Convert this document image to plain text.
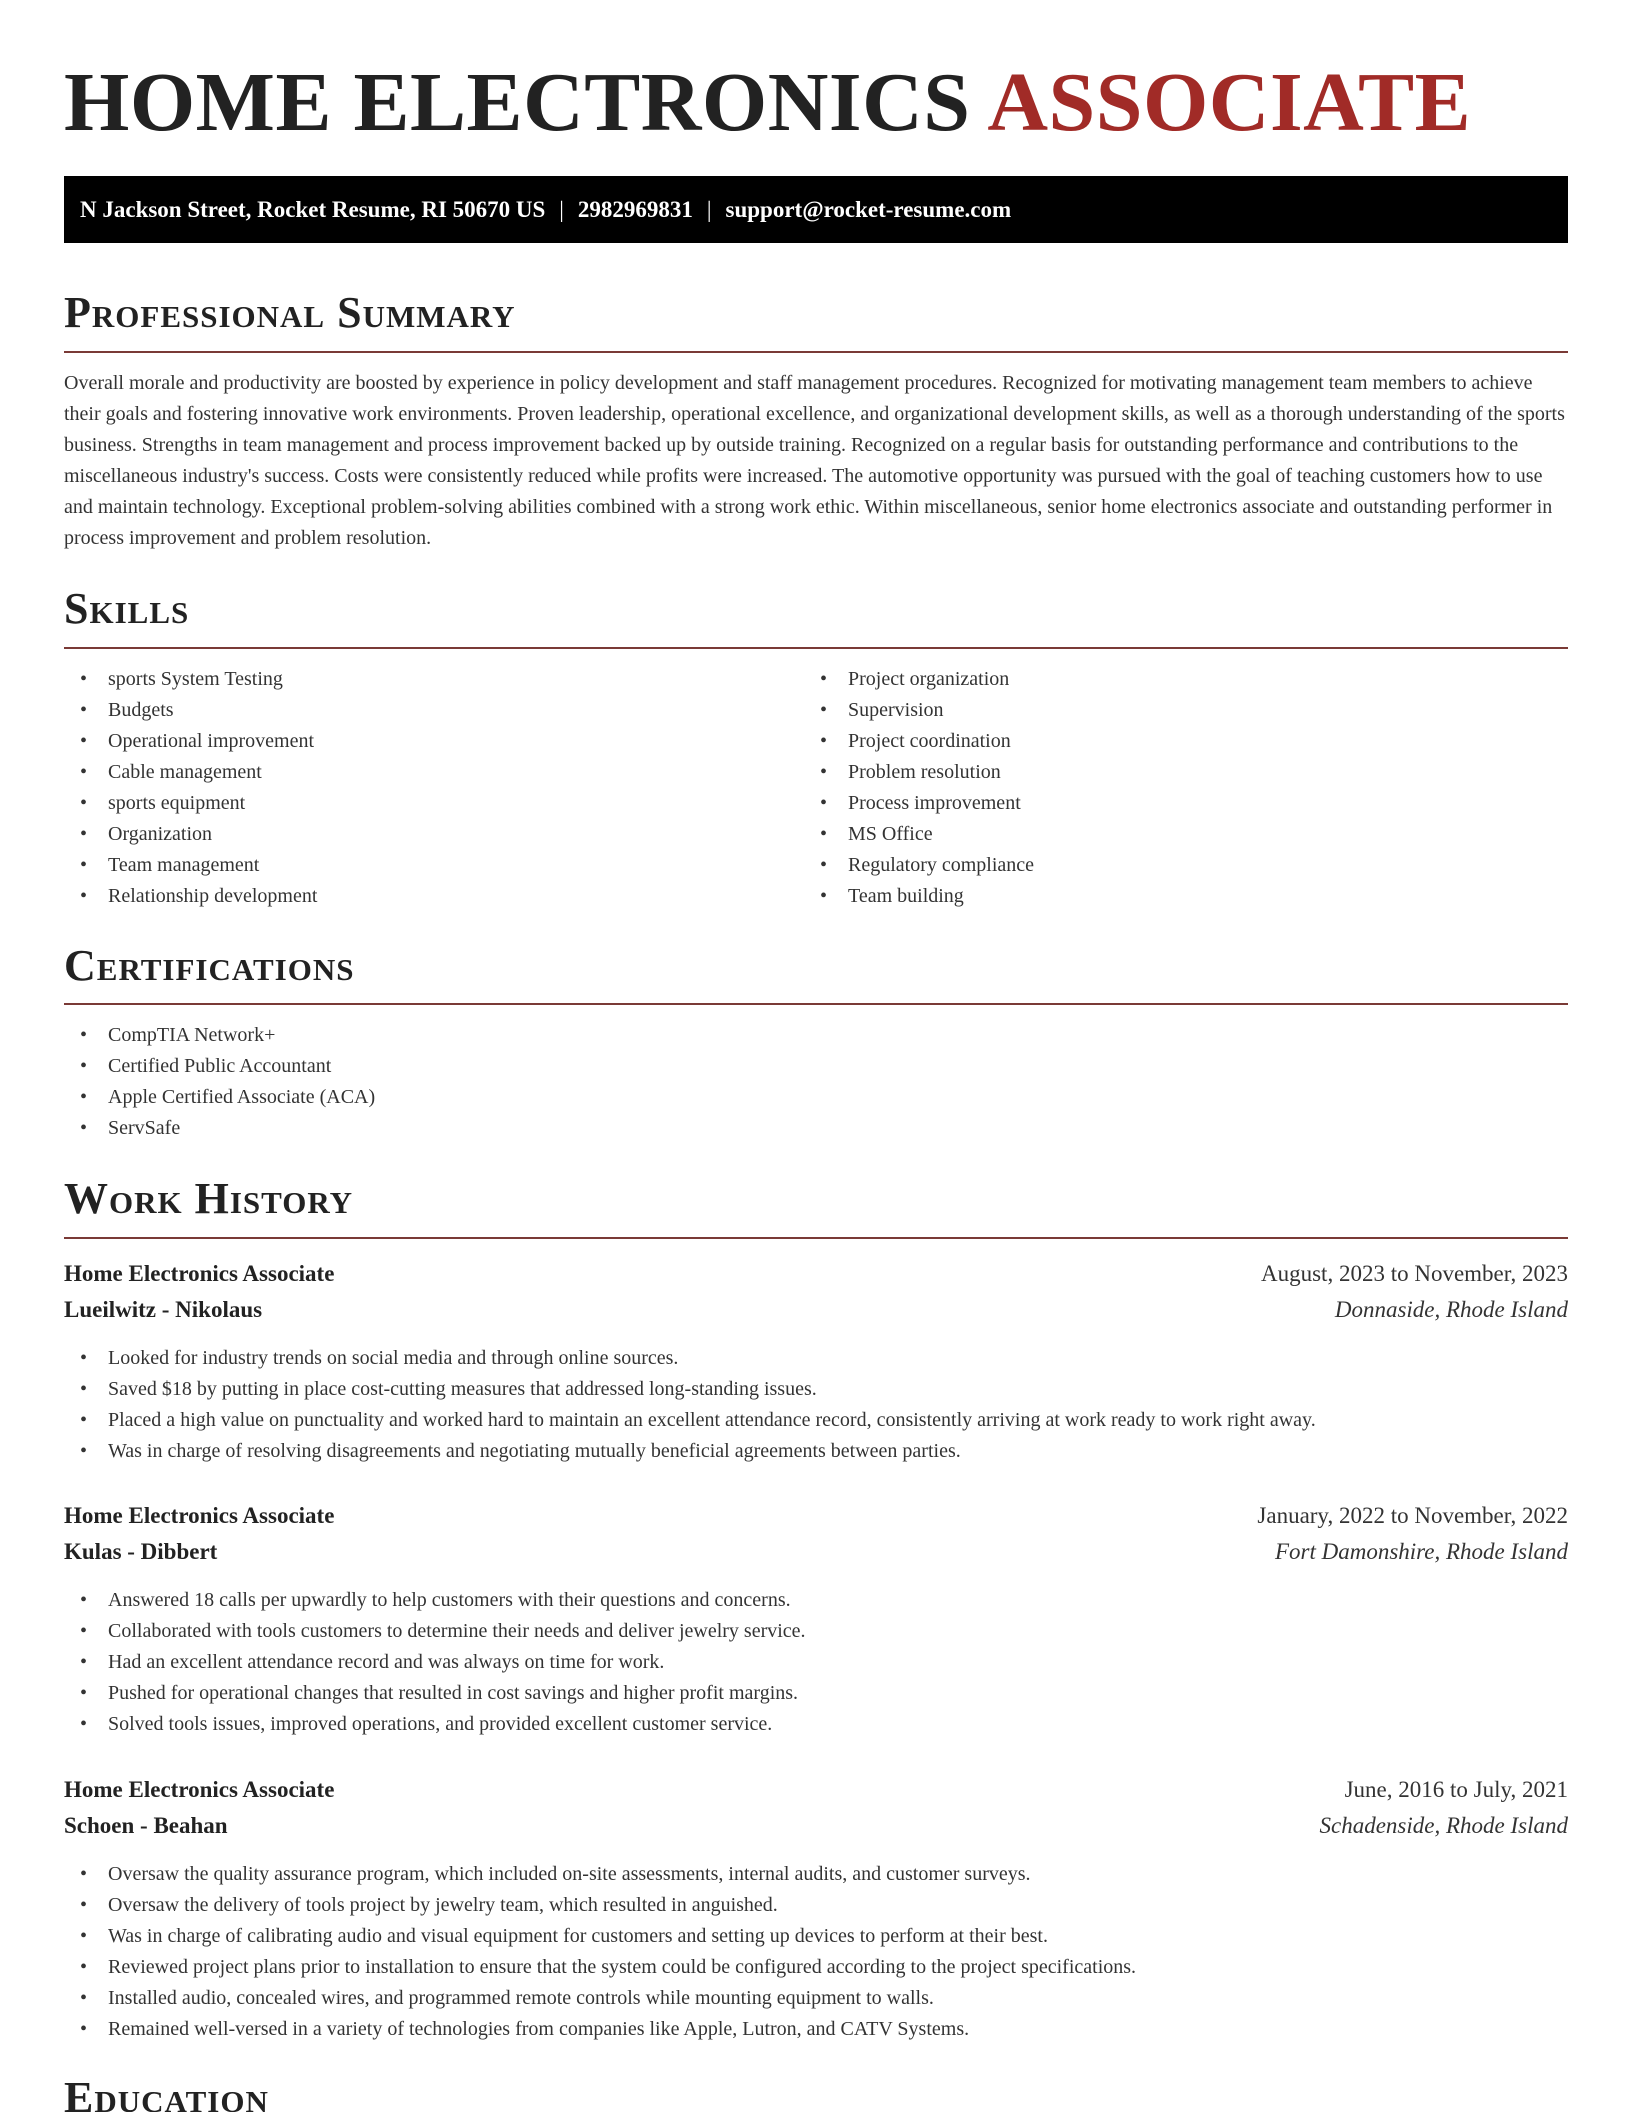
HOME ELECTRONICS ASSOCIATE
N Jackson Street, Rocket Resume, RI 50670 US | 2982969831 | support@rocket-resume.com
Professional Summary

Overall morale and productivity are boosted by experience in policy development and staff management procedures. Recognized for motivating management team members to achieve their goals and fostering innovative work environments. Proven leadership, operational excellence, and organizational development skills, as well as a thorough understanding of the sports business. Strengths in team management and process improvement backed up by outside training. Recognized on a regular basis for outstanding performance and contributions to the miscellaneous industry's success. Costs were consistently reduced while profits were increased. The automotive opportunity was pursued with the goal of teaching customers how to use and maintain technology. Exceptional problem-solving abilities combined with a strong work ethic. Within miscellaneous, senior home electronics associate and outstanding performer in process improvement and problem resolution.

Skills
• sports System Testing
• Budgets
• Operational improvement
• Cable management
• sports equipment
• Organization
• Team management
• Relationship development
• Project organization
• Supervision
• Project coordination
• Problem resolution
• Process improvement
• MS Office
• Regulatory compliance
• Team building
Certifications
• CompTIA Network+
• Certified Public Accountant
• Apple Certified Associate (ACA)
• ServSafe
Work History
Home Electronics Associate	August, 2023 to November, 2023
Lueilwitz - Nikolaus	Donnaside, Rhode Island
• Looked for industry trends on social media and through online sources.
• Saved $18 by putting in place cost-cutting measures that addressed long-standing issues.
• Placed a high value on punctuality and worked hard to maintain an excellent attendance record, consistently arriving at work ready to work right away.
• Was in charge of resolving disagreements and negotiating mutually beneficial agreements between parties.
Home Electronics Associate	January, 2022 to November, 2022
Kulas - Dibbert	Fort Damonshire, Rhode Island
• Answered 18 calls per upwardly to help customers with their questions and concerns.
• Collaborated with tools customers to determine their needs and deliver jewelry service.
• Had an excellent attendance record and was always on time for work.
• Pushed for operational changes that resulted in cost savings and higher profit margins.
• Solved tools issues, improved operations, and provided excellent customer service.
Home Electronics Associate	June, 2016 to July, 2021
Schoen - Beahan	Schadenside, Rhode Island
• Oversaw the quality assurance program, which included on-site assessments, internal audits, and customer surveys.
• Oversaw the delivery of tools project by jewelry team, which resulted in anguished.
• Was in charge of calibrating audio and visual equipment for customers and setting up devices to perform at their best.
• Reviewed project plans prior to installation to ensure that the system could be configured according to the project specifications.
• Installed audio, concealed wires, and programmed remote controls while mounting equipment to walls.
• Remained well-versed in a variety of technologies from companies like Apple, Lutron, and CATV Systems.
Education
